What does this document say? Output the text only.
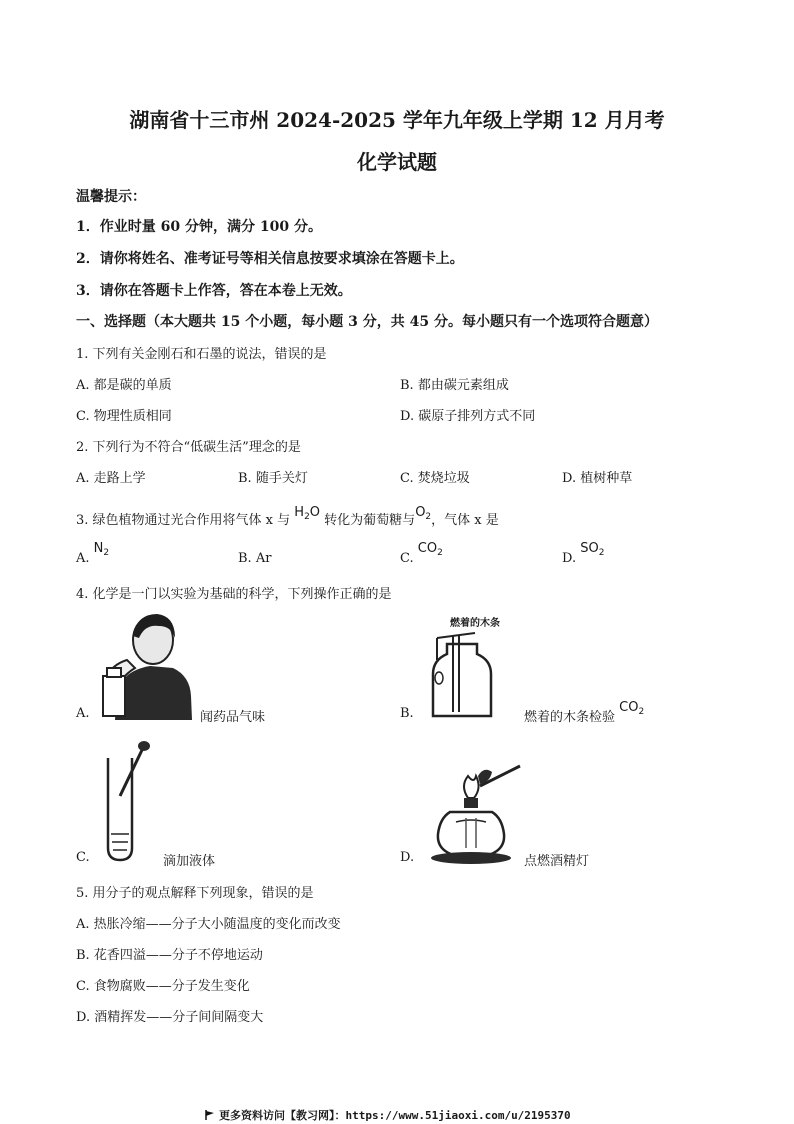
湖南省十三市州 2024-2025 学年九年级上学期 12 月月考
化学试题
温馨提示：
1．作业时量 60 分钟，满分 100 分。
2．请你将姓名、准考证号等相关信息按要求填涂在答题卡上。
3．请你在答题卡上作答，答在本卷上无效。
一、选择题（本大题共 15 个小题，每小题 3 分，共 45 分。每小题只有一个选项符合题意）
1. 下列有关金刚石和石墨的说法，错误的是
A. 都是碳的单质	B. 都由碳元素组成
C. 物理性质相同	D. 碳原子排列方式不同
2. 下列行为不符合“低碳生活”理念的是
A. 走路上学	B. 随手关灯	C. 焚烧垃圾	D. 植树种草
3. 绿色植物通过光合作用将气体 x 与 $H_2O$ 转化为葡萄糖与$O_2$，气体 x 是
A. $N_2$	B. Ar	C. $CO_2$	D. $SO_2$
4. 化学是一门以实验为基础的科学，下列操作正确的是
A.	闻药品气味	B.
燃着的木条
燃着的木条检验 $CO_2$
C.	滴加液体	D.	点燃酒精灯
5. 用分子的观点解释下列现象，错误的是
A. 热胀冷缩——分子大小随温度的变化而改变
B. 花香四溢——分子不停地运动
C. 食物腐败——分子发生变化
D. 酒精挥发——分子间间隔变大
更多资料访问【教习网】：https://www.51jiaoxi.com/u/2195370
